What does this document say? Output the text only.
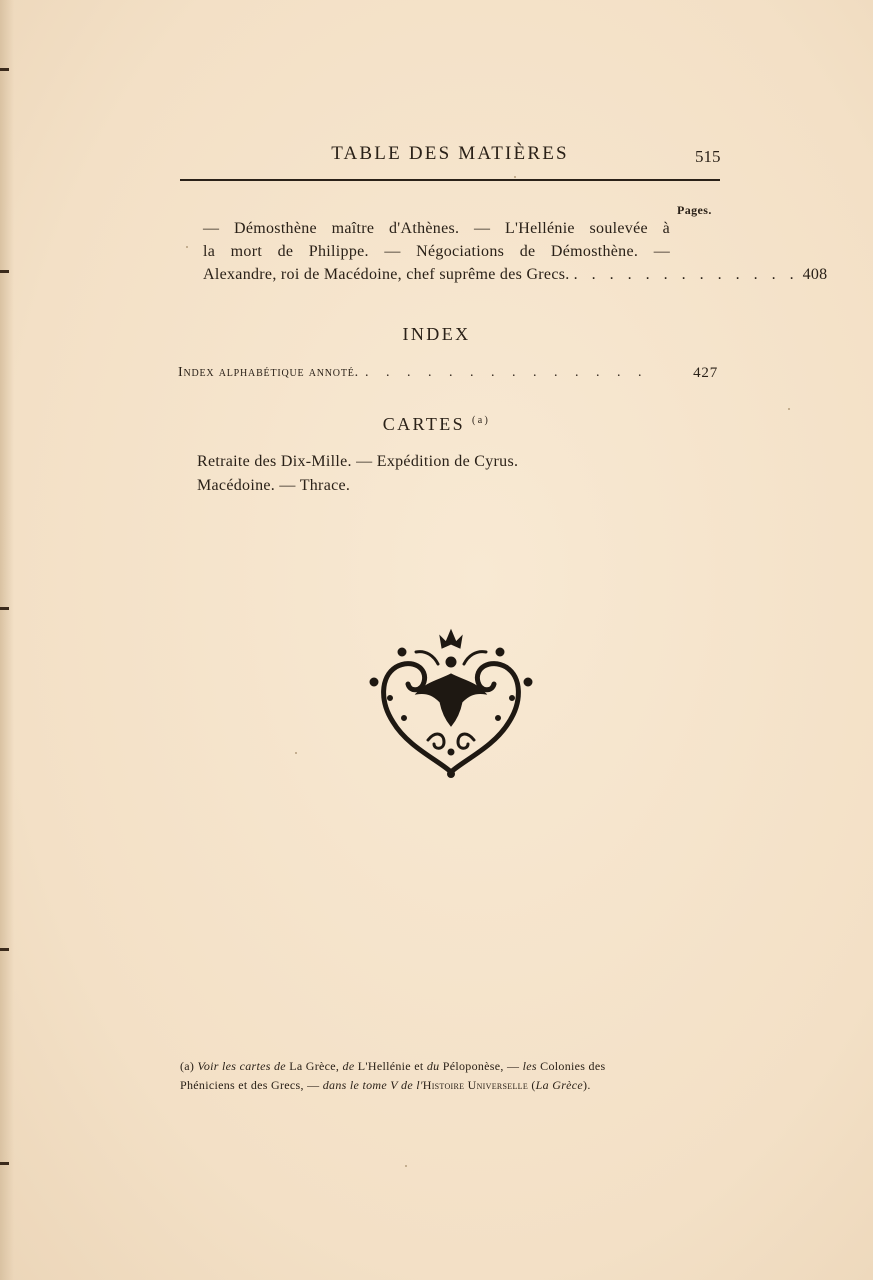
TABLE DES MATIÈRES	515
Pages.
— Démosthène maître d'Athènes. — L'Hellénie soulevée à
la mort de Philippe. — Négociations de Démosthène. —
Alexandre, roi de Macédoine, chef suprême des Grecs. . . . . . . . . . . . . . 408
INDEX
Index alphabétique annoté. . . . . . . . . . . . . . .	427
CARTES $^{(a)}$
Retraite des Dix-Mille. — Expédition de Cyrus.
Macédoine. — Thrace.
(a) Voir les cartes de La Grèce, de L'Hellénie et du Péloponèse, — les Colonies des
Phéniciens et des Grecs, — dans le tome V de l'Histoire Universelle (La Grèce).
